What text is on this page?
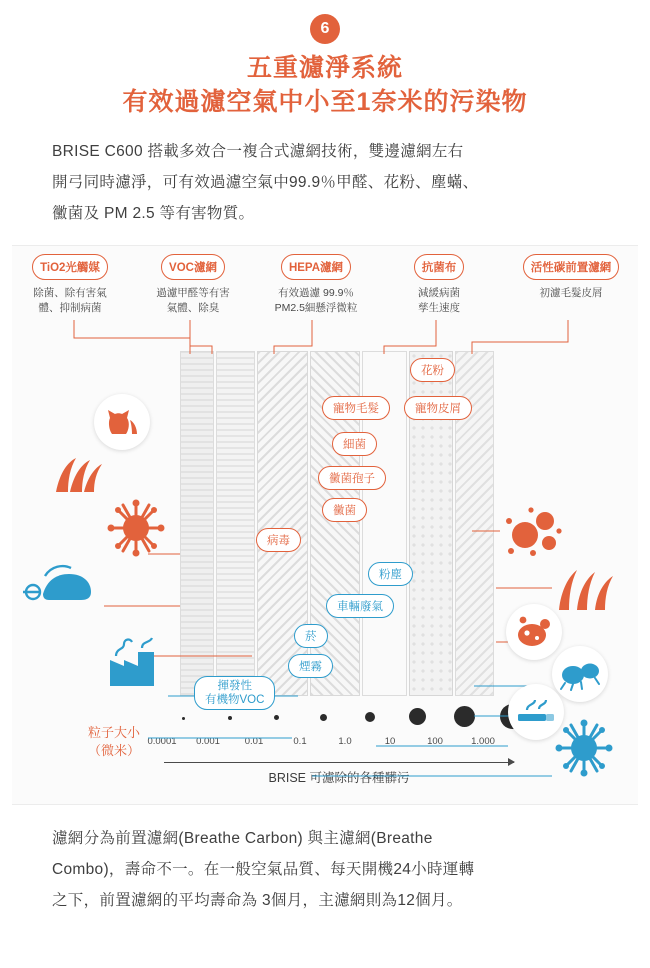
6
五重濾淨系統
有效過濾空氣中小至1奈米的污染物
BRISE C600 搭載多效合一複合式濾網技術，雙邊濾網左右
開弓同時濾淨，可有效過濾空氣中99.9％甲醛、花粉、塵蟎、
黴菌及 PM 2.5 等有害物質。
TiO2光觸媒
除菌、除有害氣
體、抑制病菌
VOC濾網
過濾甲醛等有害
氣體、除臭
HEPA濾網
有效過濾 99.9％
PM2.5細懸浮微粒
抗菌布
減緩病菌
孳生速度
活性碳前置濾網
初濾毛髮皮屑
花粉
寵物毛髮	寵物皮屑
細菌
黴菌孢子
黴菌
病毒
粉塵
車輛廢氣
菸
煙霧
揮發性
有機物VOC
粒子大小
（微米）
0.0001	0.001	0.01	0.1	1.0	10	100	1.000
BRISE 可濾除的各種髒污
濾網分為前置濾網(Breathe Carbon) 與主濾網(Breathe
Combo)，壽命不一。在一般空氣品質、每天開機24小時運轉
之下，前置濾網的平均壽命為 3個月，主濾網則為12個月。
